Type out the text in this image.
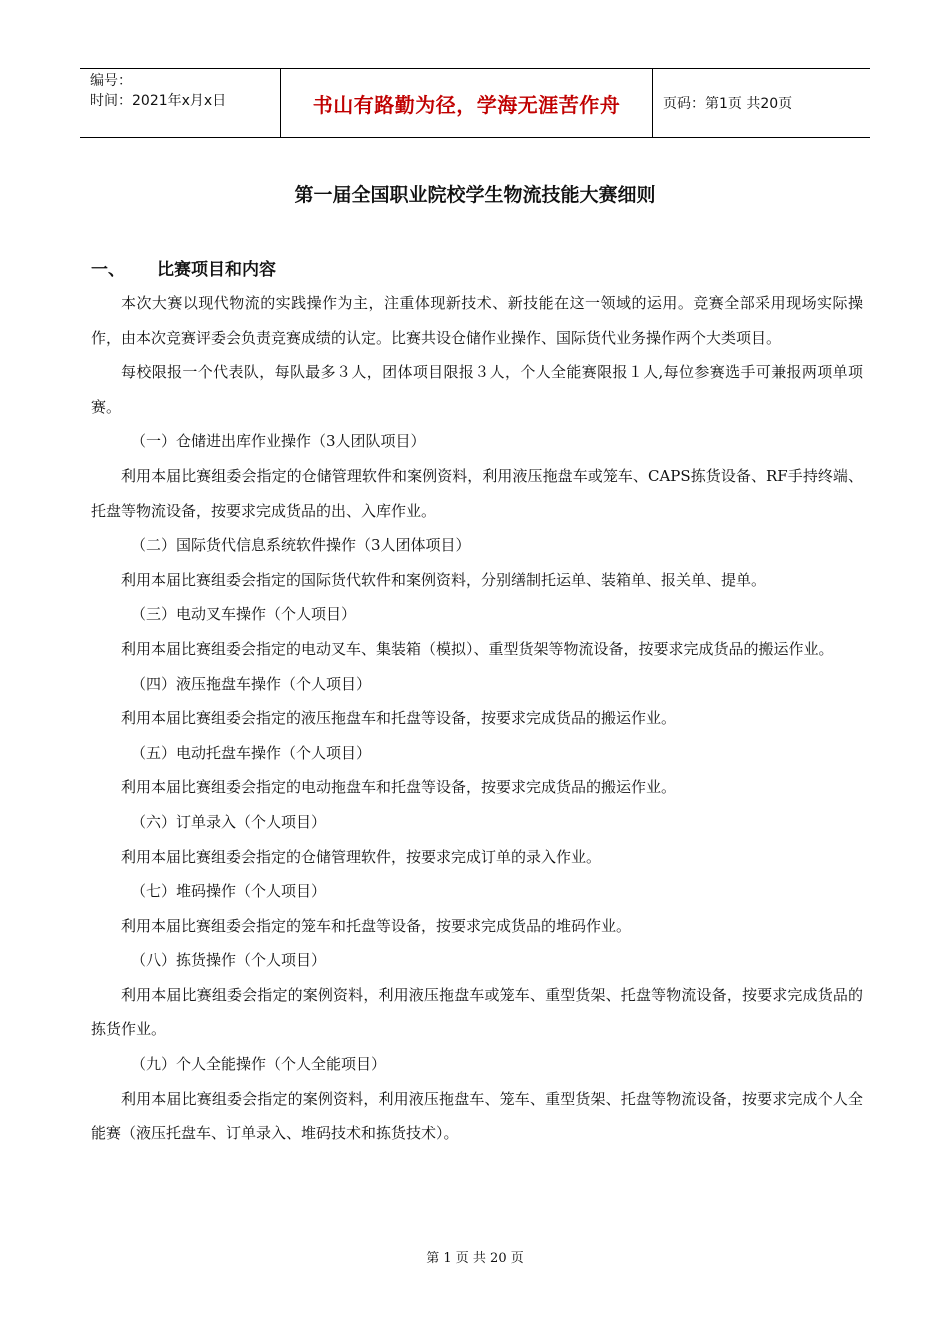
编号：
时间：2021年x月x日	书山有路勤为径，学海无涯苦作舟	页码：第1页 共20页
第一届全国职业院校学生物流技能大赛细则
一、 比赛项目和内容

本次大赛以现代物流的实践操作为主，注重体现新技术、新技能在这一领域的运用。竞赛全部采用现场实际操作，由本次竞赛评委会负责竞赛成绩的认定。比赛共设仓储作业操作、国际货代业务操作两个大类项目。

每校限报一个代表队，每队最多３人，团体项目限报３人，个人全能赛限报１人,每位参赛选手可兼报两项单项赛。

（一）仓储进出库作业操作（3人团队项目）

利用本届比赛组委会指定的仓储管理软件和案例资料，利用液压拖盘车或笼车、CAPS拣货设备、RF手持终端、托盘等物流设备，按要求完成货品的出、入库作业。

（二）国际货代信息系统软件操作（3人团体项目）

利用本届比赛组委会指定的国际货代软件和案例资料，分别缮制托运单、装箱单、报关单、提单。

（三）电动叉车操作（个人项目）

利用本届比赛组委会指定的电动叉车、集装箱（模拟）、重型货架等物流设备，按要求完成货品的搬运作业。

（四）液压拖盘车操作（个人项目）

利用本届比赛组委会指定的液压拖盘车和托盘等设备，按要求完成货品的搬运作业。

（五）电动托盘车操作（个人项目）

利用本届比赛组委会指定的电动拖盘车和托盘等设备，按要求完成货品的搬运作业。

（六）订单录入（个人项目）

利用本届比赛组委会指定的仓储管理软件，按要求完成订单的录入作业。

（七）堆码操作（个人项目）

利用本届比赛组委会指定的笼车和托盘等设备，按要求完成货品的堆码作业。

（八）拣货操作（个人项目）

利用本届比赛组委会指定的案例资料，利用液压拖盘车或笼车、重型货架、托盘等物流设备，按要求完成货品的拣货作业。

（九）个人全能操作（个人全能项目）

利用本届比赛组委会指定的案例资料，利用液压拖盘车、笼车、重型货架、托盘等物流设备，按要求完成个人全能赛（液压托盘车、订单录入、堆码技术和拣货技术）。

第 1 页 共 20 页
